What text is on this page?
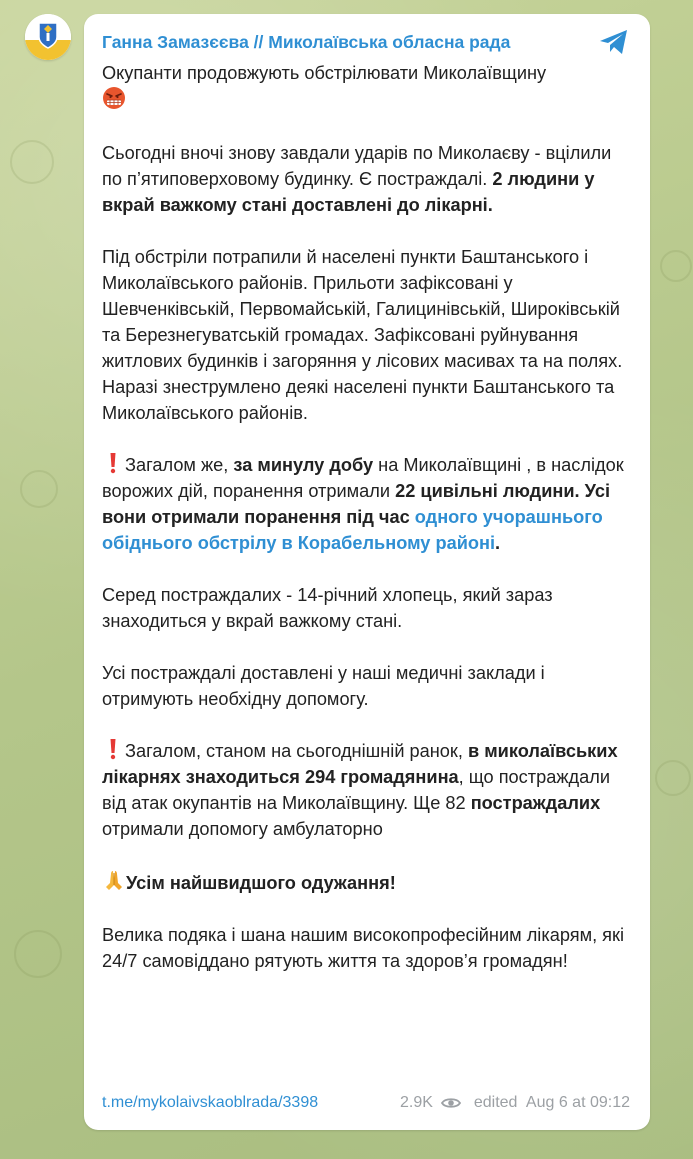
Ганна Замазєєва // Миколаївська обласна рада

Окупанти продовжують обстрілювати Миколаївщину

Сьогодні вночі знову завдали ударів по Миколаєву - вцілили по п’ятиповерховому будинку. Є постраждалі. 2 людини у вкрай важкому стані доставлені до лікарні.

Під обстріли потрапили й населені пункти Баштанського і Миколаївського районів. Прильоти зафіксовані у Шевченківській, Первомайській, Галицинівській, Широківській та Березнегуватській громадах. Зафіксовані руйнування житлових будинків і загоряння у лісових масивах та на полях. Наразі знеструмлено деякі населені пункти Баштанського та Миколаївського районів.

Загалом же, за минулу добу на Миколаївщині , в наслідок ворожих дій, поранення отримали 22 цивільні людини. Усі вони отримали поранення під час одного учорашнього обіднього обстрілу в Корабельному районі.

Серед постраждалих - 14-річний хлопець, який зараз знаходиться у вкрай важкому стані.

Усі постраждалі доставлені у наші медичні заклади і отримують необхідну допомогу.

Загалом, станом на сьогоднішній ранок, в миколаївських лікарнях знаходиться 294 громадянина, що постраждали від атак окупантів на Миколаївщину. Ще 82 постраждалих отримали допомогу амбулаторно

Усім найшвидшого одужання!

Велика подяка і шана нашим високопрофесійним лікарям, які 24/7 самовіддано рятують життя та здоров’я громадян!

t.me/mykolaivskaoblrada/3398	2.9K	edited Aug 6 at 09:12
